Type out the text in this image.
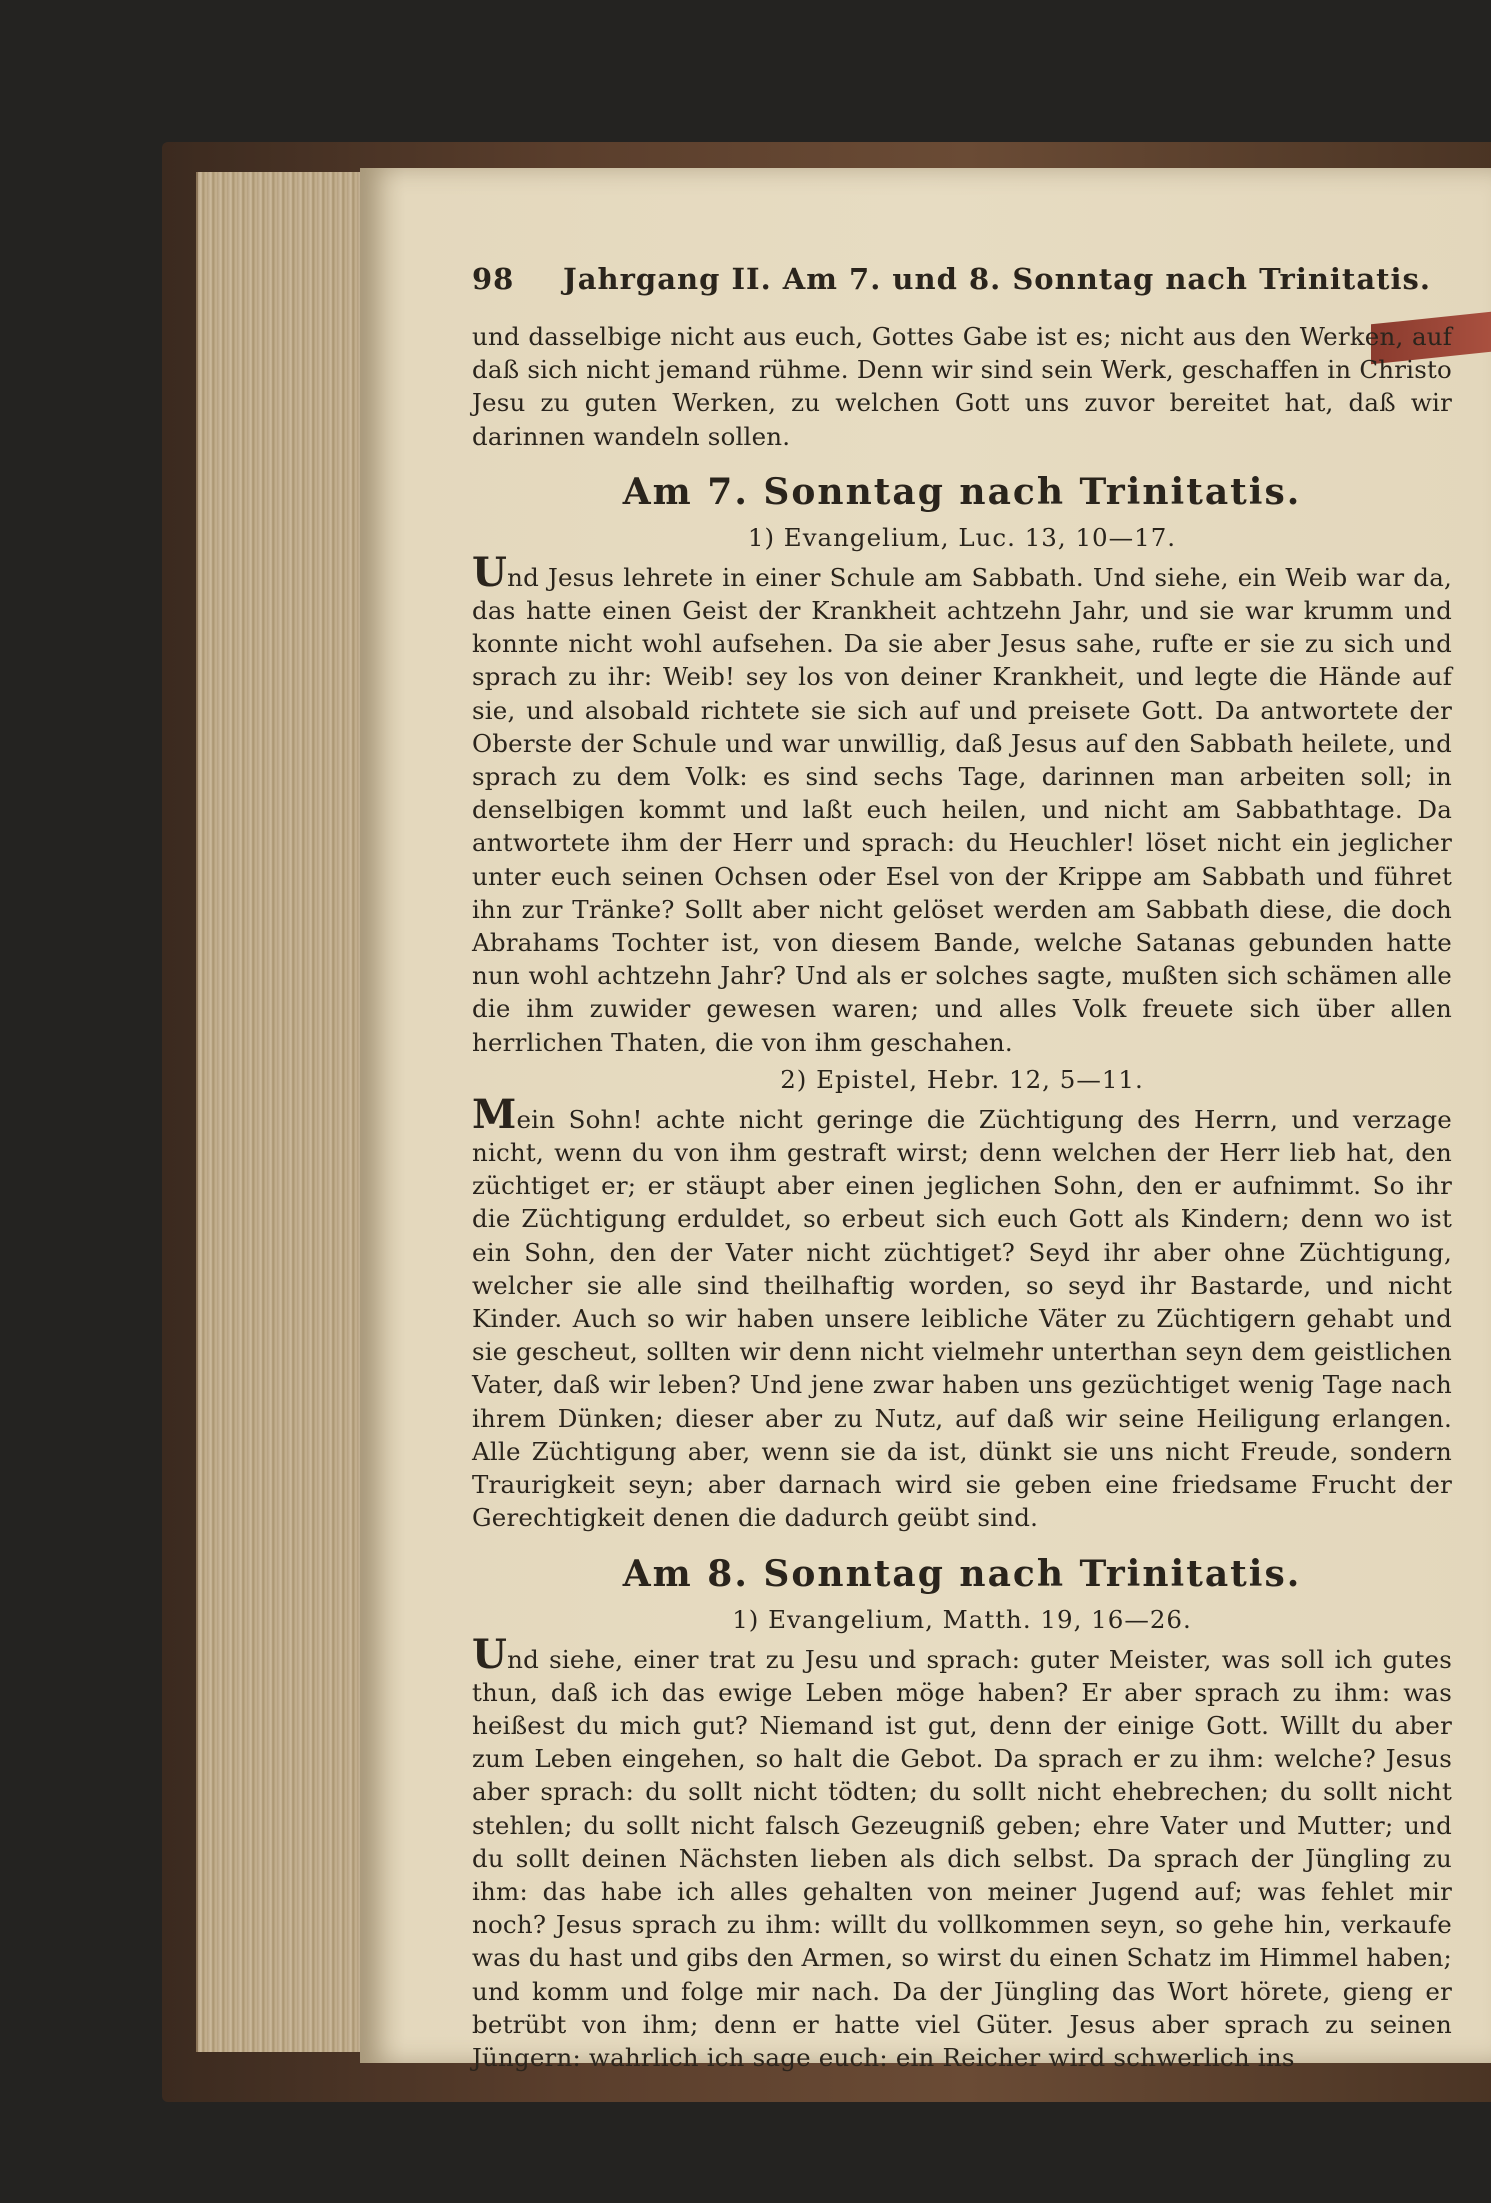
98	Jahrgang II. Am 7. und 8. Sonntag nach Trinitatis.

und dasselbige nicht aus euch, Gottes Gabe ist es; nicht aus den Werken, auf daß sich nicht jemand rühme. Denn wir sind sein Werk, geschaffen in Christo Jesu zu guten Werken, zu welchen Gott uns zuvor bereitet hat, daß wir darinnen wandeln sollen.

Am 7. Sonntag nach Trinitatis.
1) Evangelium, Luc. 13, 10—17.

Und Jesus lehrete in einer Schule am Sabbath. Und siehe, ein Weib war da, das hatte einen Geist der Krankheit achtzehn Jahr, und sie war krumm und konnte nicht wohl aufsehen. Da sie aber Jesus sahe, rufte er sie zu sich und sprach zu ihr: Weib! sey los von deiner Krankheit, und legte die Hände auf sie, und alsobald richtete sie sich auf und preisete Gott. Da antwortete der Oberste der Schule und war unwillig, daß Jesus auf den Sabbath heilete, und sprach zu dem Volk: es sind sechs Tage, darinnen man arbeiten soll; in denselbigen kommt und laßt euch heilen, und nicht am Sabbathtage. Da antwortete ihm der Herr und sprach: du Heuchler! löset nicht ein jeglicher unter euch seinen Ochsen oder Esel von der Krippe am Sabbath und führet ihn zur Tränke? Sollt aber nicht gelöset werden am Sabbath diese, die doch Abrahams Tochter ist, von diesem Bande, welche Satanas gebunden hatte nun wohl achtzehn Jahr? Und als er solches sagte, mußten sich schämen alle die ihm zuwider gewesen waren; und alles Volk freuete sich über allen herrlichen Thaten, die von ihm geschahen.

2) Epistel, Hebr. 12, 5—11.

Mein Sohn! achte nicht geringe die Züchtigung des Herrn, und verzage nicht, wenn du von ihm gestraft wirst; denn welchen der Herr lieb hat, den züchtiget er; er stäupt aber einen jeglichen Sohn, den er aufnimmt. So ihr die Züchtigung erduldet, so erbeut sich euch Gott als Kindern; denn wo ist ein Sohn, den der Vater nicht züchtiget? Seyd ihr aber ohne Züchtigung, welcher sie alle sind theilhaftig worden, so seyd ihr Bastarde, und nicht Kinder. Auch so wir haben unsere leibliche Väter zu Züchtigern gehabt und sie gescheut, sollten wir denn nicht vielmehr unterthan seyn dem geistlichen Vater, daß wir leben? Und jene zwar haben uns gezüchtiget wenig Tage nach ihrem Dünken; dieser aber zu Nutz, auf daß wir seine Heiligung erlangen. Alle Züchtigung aber, wenn sie da ist, dünkt sie uns nicht Freude, sondern Traurigkeit seyn; aber darnach wird sie geben eine friedsame Frucht der Gerechtigkeit denen die dadurch geübt sind.

Am 8. Sonntag nach Trinitatis.
1) Evangelium, Matth. 19, 16—26.

Und siehe, einer trat zu Jesu und sprach: guter Meister, was soll ich gutes thun, daß ich das ewige Leben möge haben? Er aber sprach zu ihm: was heißest du mich gut? Niemand ist gut, denn der einige Gott. Willt du aber zum Leben eingehen, so halt die Gebot. Da sprach er zu ihm: welche? Jesus aber sprach: du sollt nicht tödten; du sollt nicht ehebrechen; du sollt nicht stehlen; du sollt nicht falsch Gezeugniß geben; ehre Vater und Mutter; und du sollt deinen Nächsten lieben als dich selbst. Da sprach der Jüngling zu ihm: das habe ich alles gehalten von meiner Jugend auf; was fehlet mir noch? Jesus sprach zu ihm: willt du vollkommen seyn, so gehe hin, verkaufe was du hast und gibs den Armen, so wirst du einen Schatz im Himmel haben; und komm und folge mir nach. Da der Jüngling das Wort hörete, gieng er betrübt von ihm; denn er hatte viel Güter. Jesus aber sprach zu seinen Jüngern: wahrlich ich sage euch: ein Reicher wird schwerlich ins
